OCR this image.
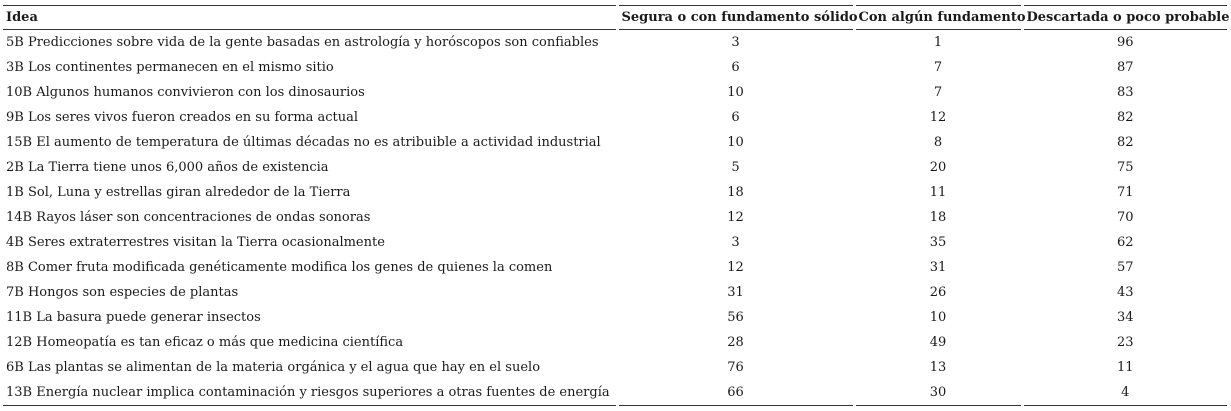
Idea	Segura o con fundamento sólido	Con algún fundamento	Descartada o poco probable
5B Predicciones sobre vida de la gente basadas en astrología y horóscopos son confiables	3	1	96
3B Los continentes permanecen en el mismo sitio	6	7	87
10B Algunos humanos convivieron con los dinosaurios	10	7	83
9B Los seres vivos fueron creados en su forma actual	6	12	82
15B El aumento de temperatura de últimas décadas no es atribuible a actividad industrial	10	8	82
2B La Tierra tiene unos 6,000 años de existencia	5	20	75
1B Sol, Luna y estrellas giran alrededor de la Tierra	18	11	71
14B Rayos láser son concentraciones de ondas sonoras	12	18	70
4B Seres extraterrestres visitan la Tierra ocasionalmente	3	35	62
8B Comer fruta modificada genéticamente modifica los genes de quienes la comen	12	31	57
7B Hongos son especies de plantas	31	26	43
11B La basura puede generar insectos	56	10	34
12B Homeopatía es tan eficaz o más que medicina científica	28	49	23
6B Las plantas se alimentan de la materia orgánica y el agua que hay en el suelo	76	13	11
13B Energía nuclear implica contaminación y riesgos superiores a otras fuentes de energía	66	30	4
